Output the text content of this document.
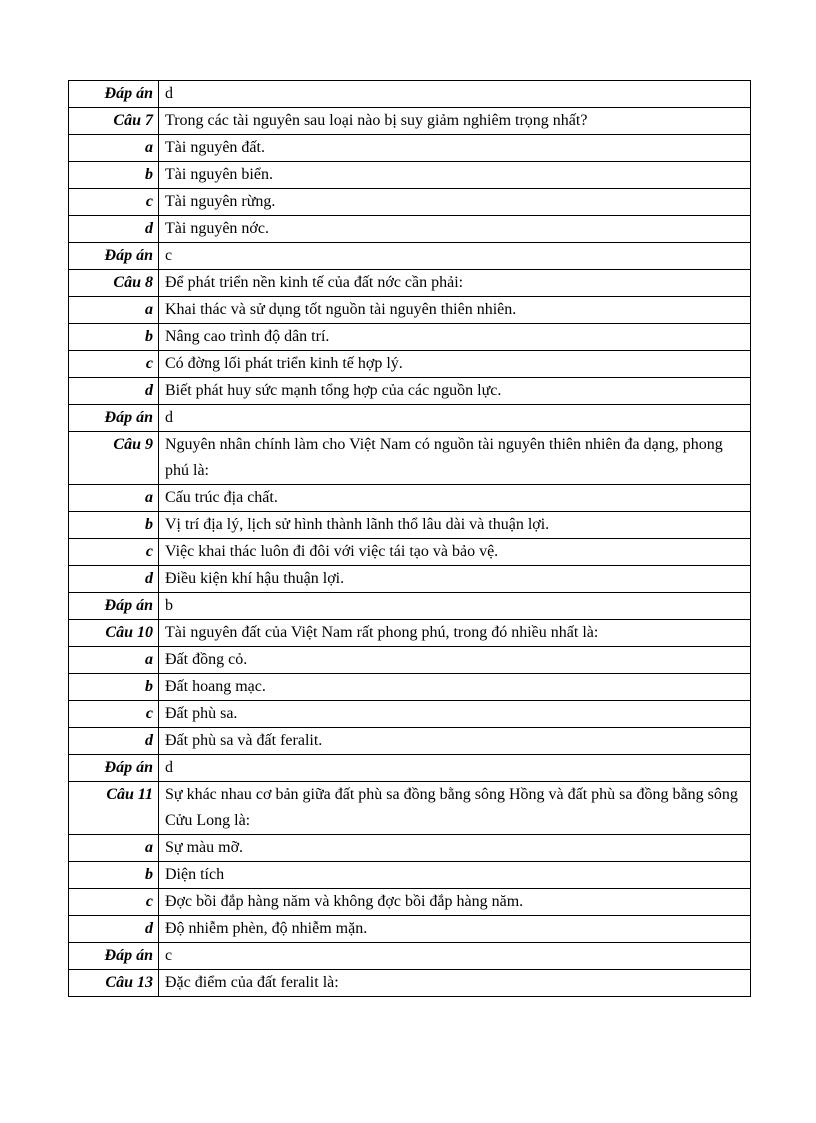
Đáp án	d
Câu 7	Trong các tài nguyên sau loại nào bị suy giảm nghiêm trọng nhất?
a	Tài nguyên đất.
b	Tài nguyên biển.
c	Tài nguyên rừng.
d	Tài nguyên nớc.
Đáp án	c
Câu 8	Để phát triển nền kinh tế của đất nớc cần phải:
a	Khai thác và sử dụng tốt nguồn tài nguyên thiên nhiên.
b	Nâng cao trình độ dân trí.
c	Có đờng lối phát triển kinh tế hợp lý.
d	Biết phát huy sức mạnh tổng hợp của các nguồn lực.
Đáp án	d
Câu 9	Nguyên nhân chính làm cho Việt Nam có nguồn tài nguyên thiên nhiên đa dạng, phong phú là:
a	Cấu trúc địa chất.
b	Vị trí địa lý, lịch sử hình thành lãnh thổ lâu dài và thuận lợi.
c	Việc khai thác luôn đi đôi với việc tái tạo và bảo vệ.
d	Điều kiện khí hậu thuận lợi.
Đáp án	b
Câu 10	Tài nguyên đất của Việt Nam rất phong phú, trong đó nhiều nhất là:
a	Đất đồng cỏ.
b	Đất hoang mạc.
c	Đất phù sa.
d	Đất phù sa và đất feralit.
Đáp án	d
Câu 11	Sự khác nhau cơ bản giữa đất phù sa đồng bằng sông Hồng và đất phù sa đồng bằng sông Cửu Long là:
a	Sự màu mỡ.
b	Diện tích
c	Đợc bồi đắp hàng năm và không đợc bồi đắp hàng năm.
d	Độ nhiễm phèn, độ nhiễm mặn.
Đáp án	c
Câu 13	Đặc điểm của đất feralit là:
